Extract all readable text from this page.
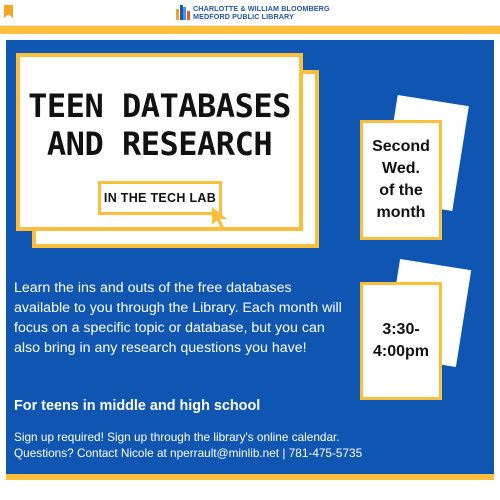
CHARLOTTE & WILLIAM BLOOMBERG
MEDFORD PUBLIC LIBRARY
TEEN DATABASES
AND RESEARCH
IN THE TECH LAB
Second
Wed.
of the
month
3:30-
4:00pm
Learn the ins and outs of the free databases available to you through the Library. Each month will focus on a specific topic or database, but you can also bring in any research questions you have!
For teens in middle and high school
Sign up required! Sign up through the library's online calendar.
Questions? Contact Nicole at nperrault@minlib.net | 781-475-5735
